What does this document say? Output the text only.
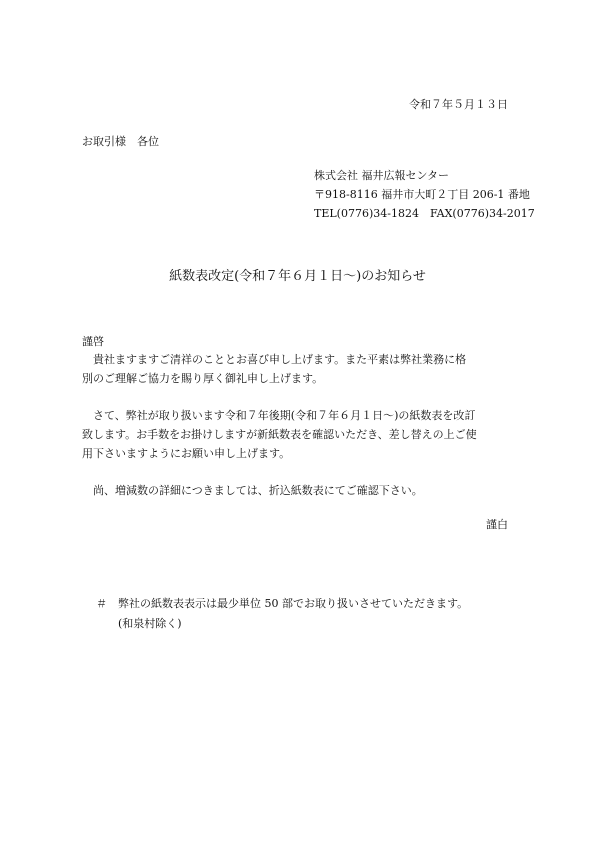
令和７年５月１３日
お取引様　各位
株式会社 福井広報センター
〒918-8116 福井市大町２丁目 206-1 番地
TEL(0776)34-1824　FAX(0776)34-2017
紙数表改定(令和７年６月１日～)のお知らせ
謹啓
　貴社ますますご清祥のこととお喜び申し上げます。また平素は弊社業務に格
別のご理解ご協力を賜り厚く御礼申し上げます。
　さて、弊社が取り扱います令和７年後期(令和７年６月１日～)の紙数表を改訂
致します。お手数をお掛けしますが新紙数表を確認いただき、差し替えの上ご使
用下さいますようにお願い申し上げます。
　尚、増減数の詳細につきましては、折込紙数表にてご確認下さい。
謹白
＃ 弊社の紙数表表示は最少単位 50 部でお取り扱いさせていただきます。
(和泉村除く)
